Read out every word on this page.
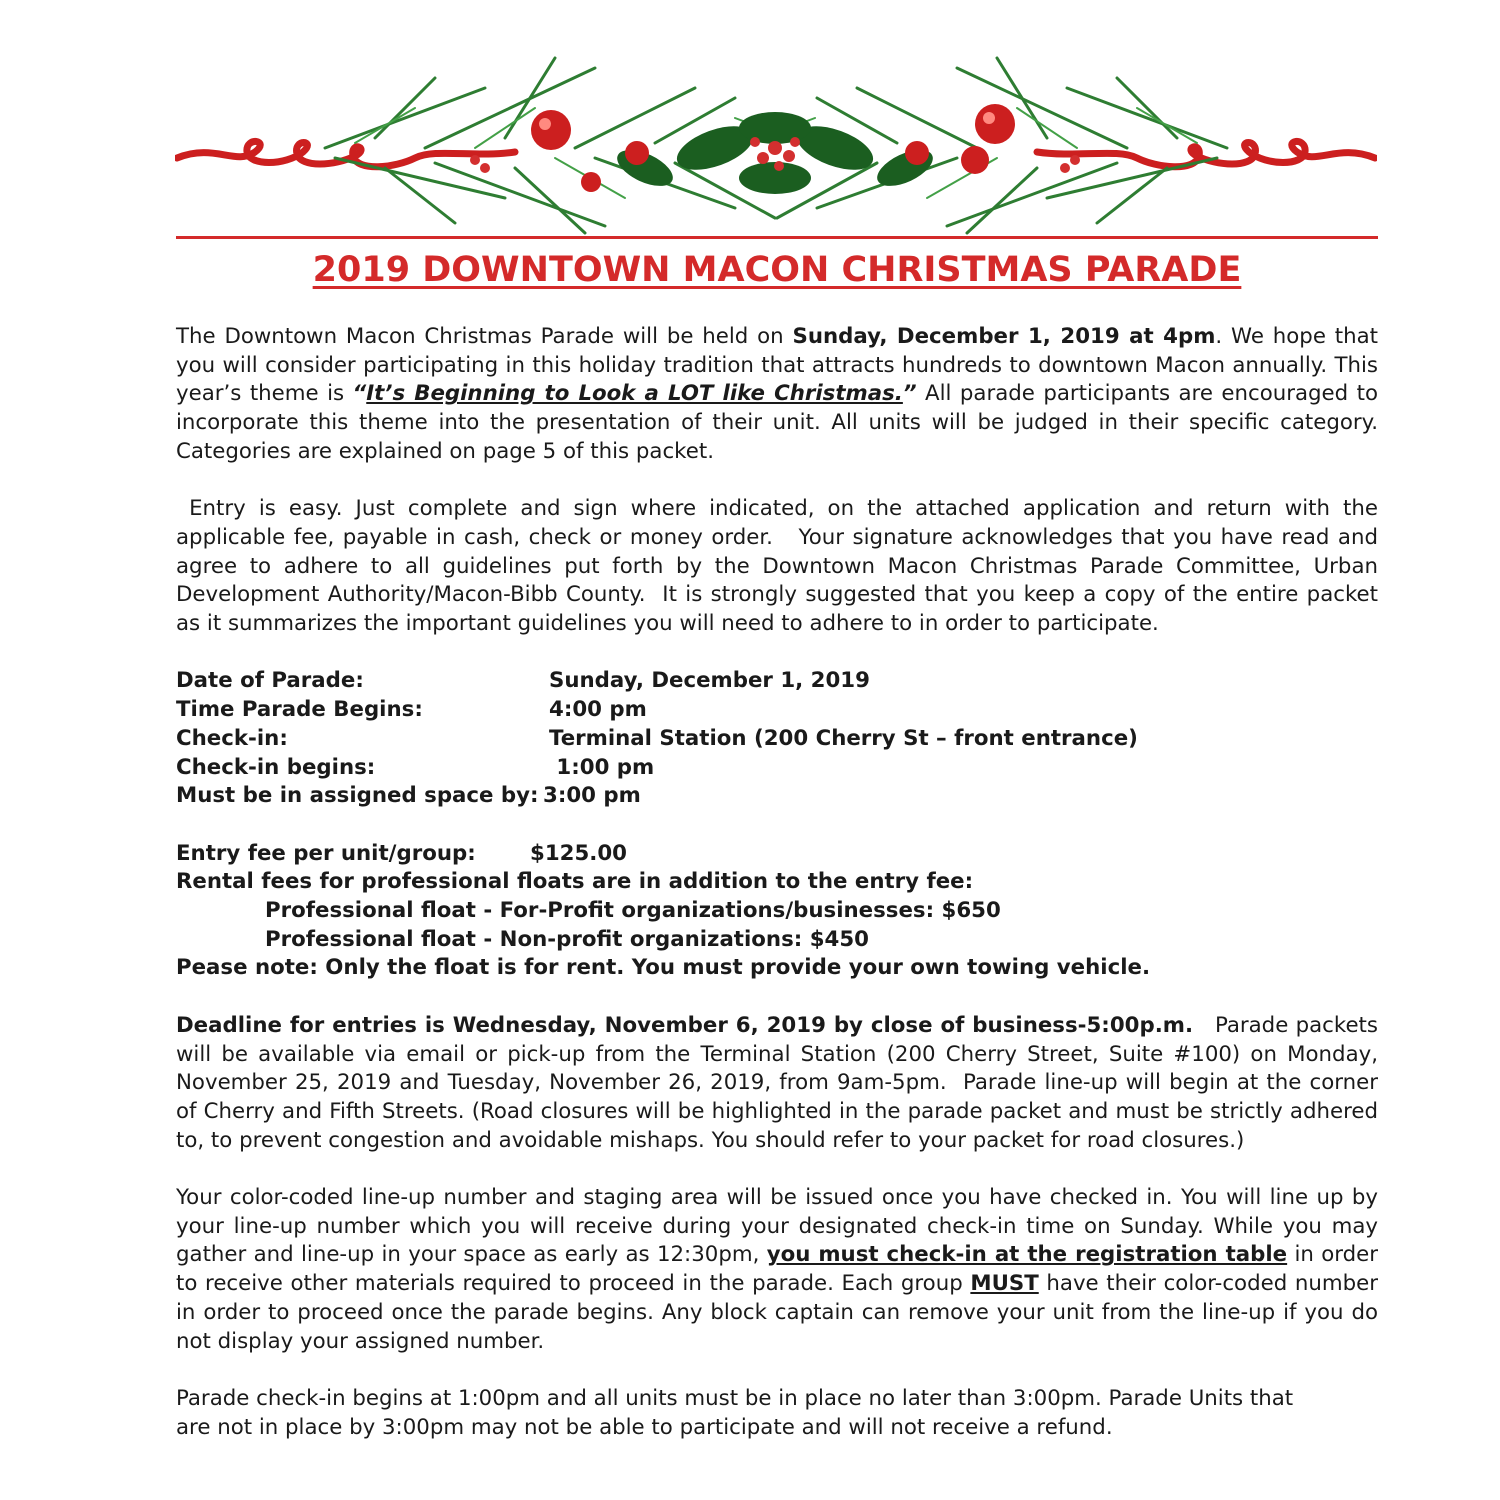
2019 DOWNTOWN MACON CHRISTMAS PARADE

The Downtown Macon Christmas Parade will be held on Sunday, December 1, 2019 at 4pm. We hope that you will consider participating in this holiday tradition that attracts hundreds to downtown Macon annually. This year’s theme is “It’s Beginning to Look a LOT like Christmas.” All parade participants are encouraged to incorporate this theme into the presentation of their unit. All units will be judged in their specific category. Categories are explained on page 5 of this packet.

Entry is easy. Just complete and sign where indicated, on the attached application and return with the applicable fee, payable in cash, check or money order.   Your signature acknowledges that you have read and agree to adhere to all guidelines put forth by the Downtown Macon Christmas Parade Committee, Urban Development Authority/Macon-Bibb County.  It is strongly suggested that you keep a copy of the entire packet as it summarizes the important guidelines you will need to adhere to in order to participate.

Date of Parade:	Sunday, December 1, 2019
Time Parade Begins:	4:00 pm
Check-in:	Terminal Station (200 Cherry St – front entrance)
Check-in begins:	1:00 pm
Must be in assigned space by: 3:00 pm
Entry fee per unit/group:	$125.00

Rental fees for professional floats are in addition to the entry fee:

Professional float - For-Profit organizations/businesses: $650

Professional float - Non-profit organizations: $450

Pease note: Only the float is for rent. You must provide your own towing vehicle.

Deadline for entries is Wednesday, November 6, 2019 by close of business-5:00p.m.   Parade packets will be available via email or pick-up from the Terminal Station (200 Cherry Street, Suite #100) on Monday, November 25, 2019 and Tuesday, November 26, 2019, from 9am-5pm.  Parade line-up will begin at the corner of Cherry and Fifth Streets. (Road closures will be highlighted in the parade packet and must be strictly adhered to, to prevent congestion and avoidable mishaps. You should refer to your packet for road closures.)

Your color-coded line-up number and staging area will be issued once you have checked in. You will line up by your line-up number which you will receive during your designated check-in time on Sunday. While you may gather and line-up in your space as early as 12:30pm, you must check-in at the registration table in order to receive other materials required to proceed in the parade. Each group MUST have their color-coded number in order to proceed once the parade begins. Any block captain can remove your unit from the line-up if you do not display your assigned number.

Parade check-in begins at 1:00pm and all units must be in place no later than 3:00pm. Parade Units that

are not in place by 3:00pm may not be able to participate and will not receive a refund.
